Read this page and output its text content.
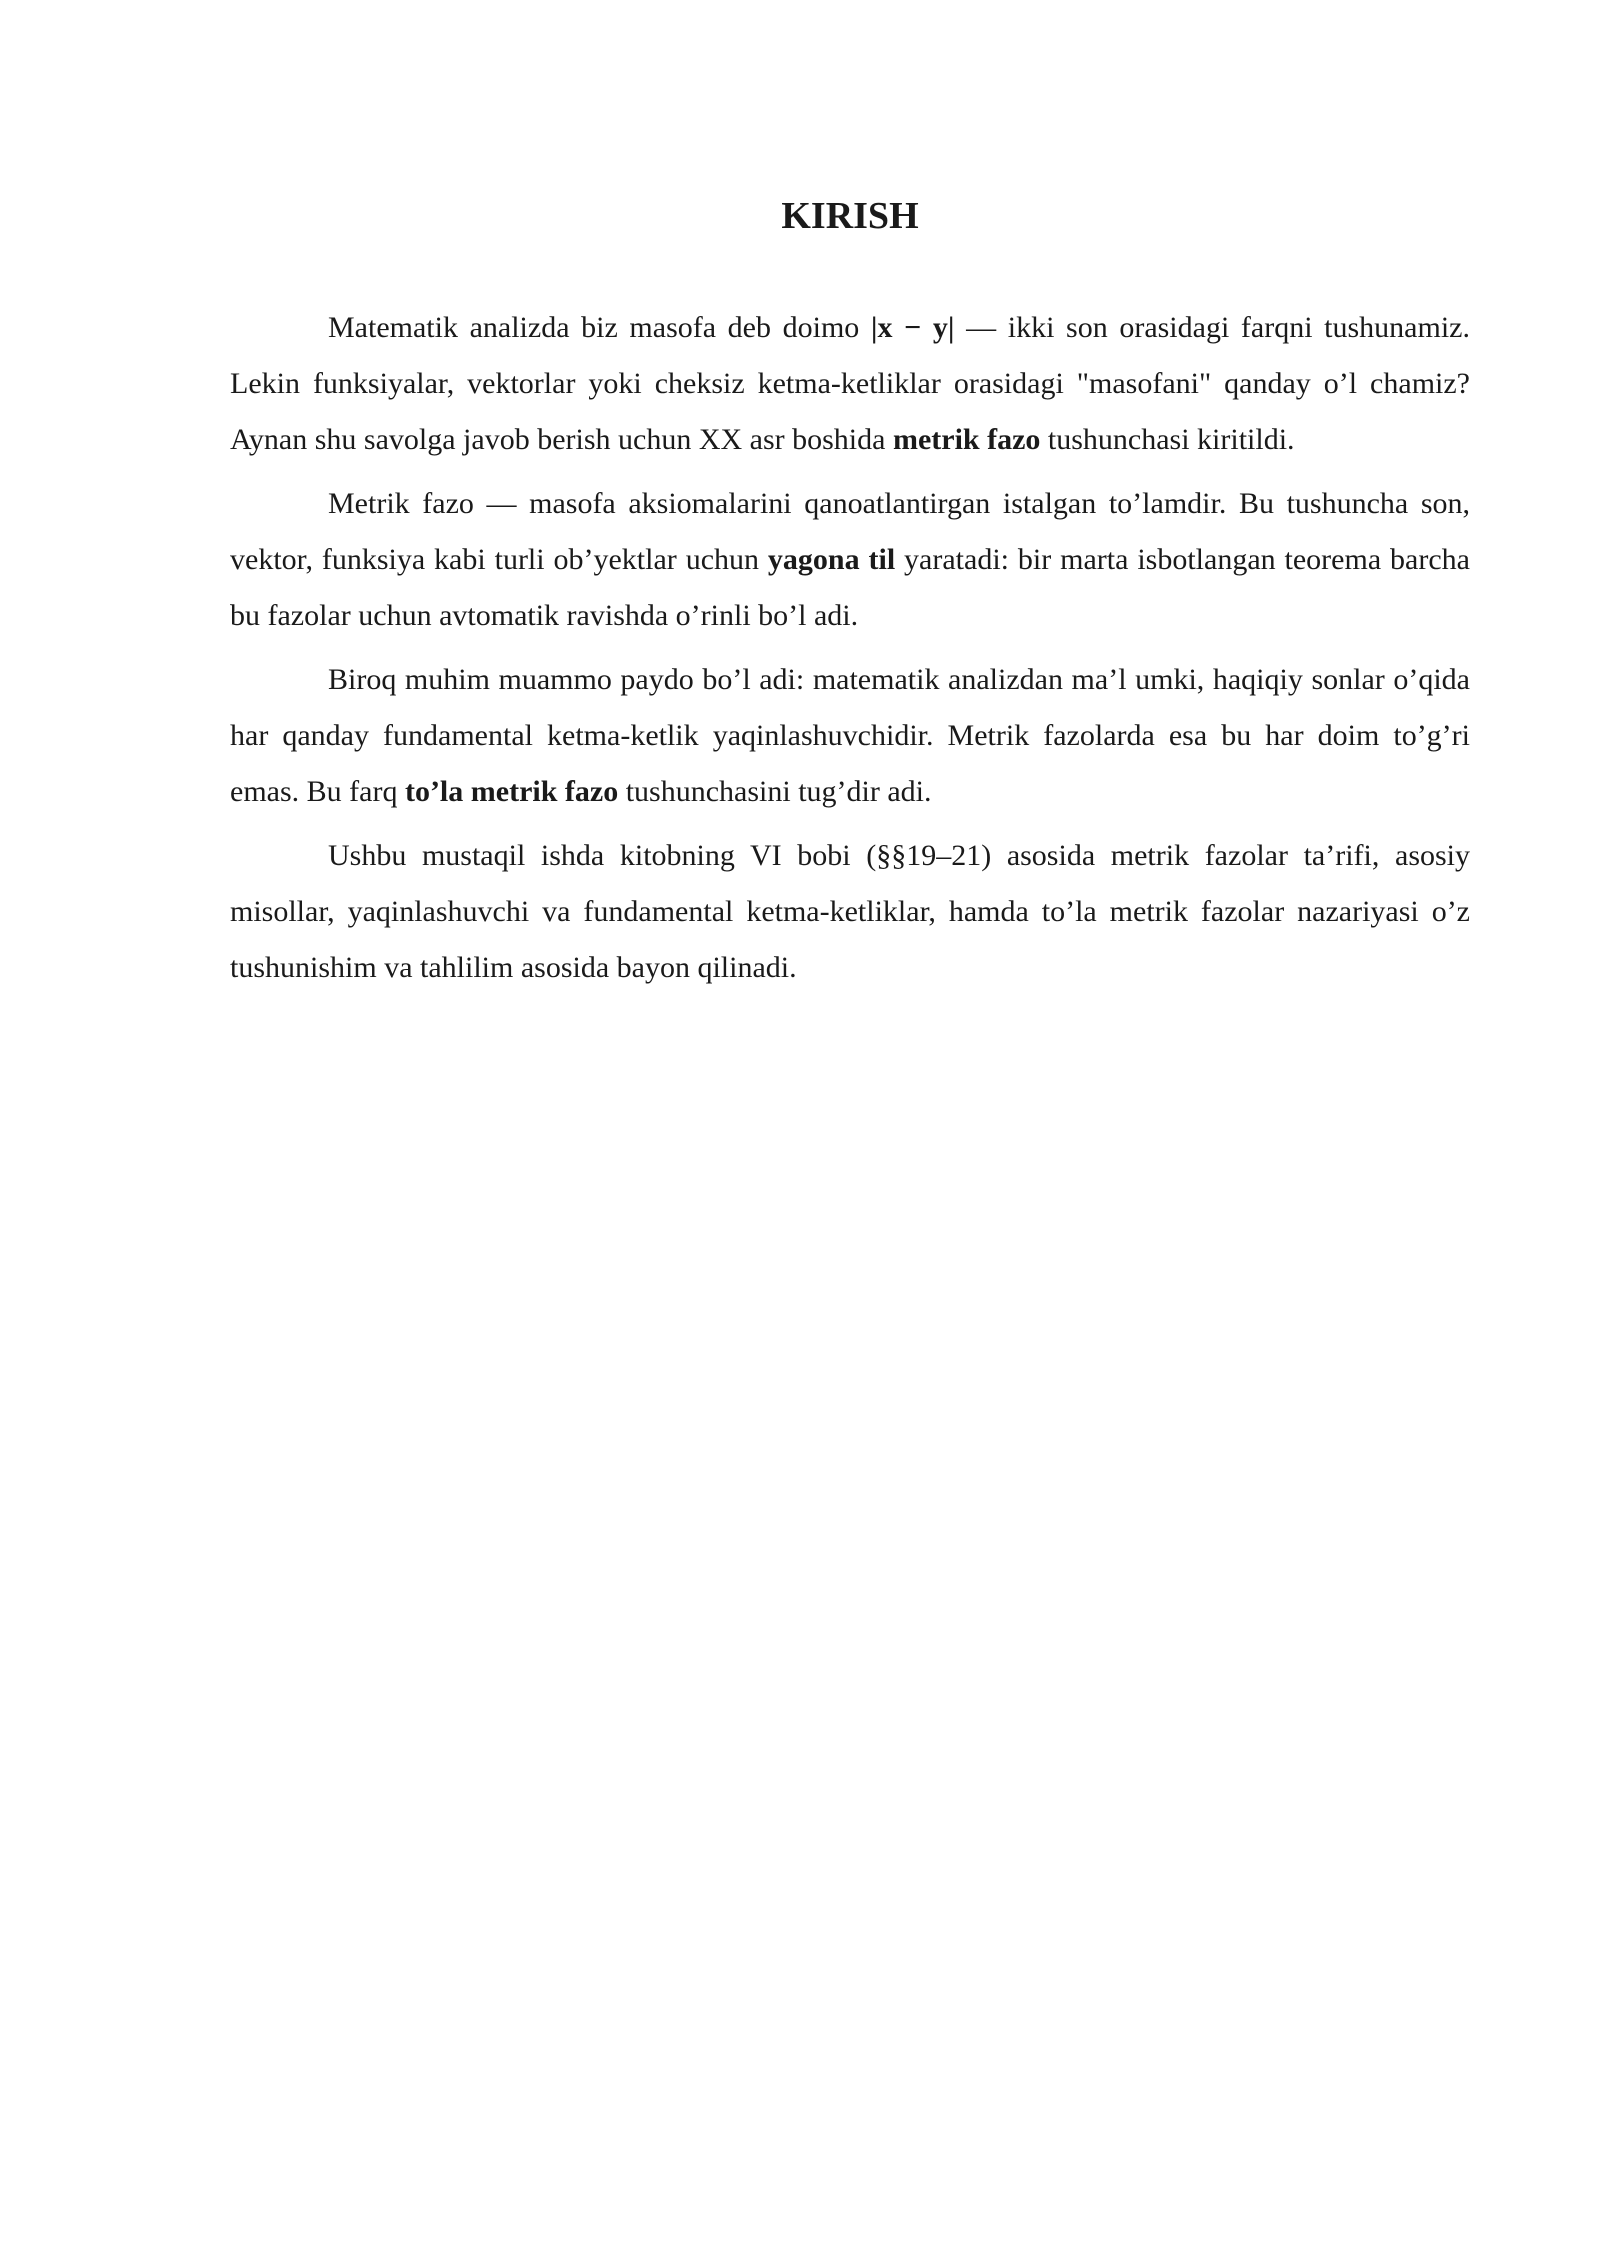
KIRISH

Matematik analizda biz masofa deb doimo |x − y| — ikki son orasidagi farqni tushunamiz. Lekin funksiyalar, vektorlar yoki cheksiz ketma-ketliklar orasidagi "masofani" qanday o’l chamiz? Aynan shu savolga javob berish uchun XX asr boshida metrik fazo tushunchasi kiritildi.

Metrik fazo — masofa aksiomalarini qanoatlantirgan istalgan to’lamdir. Bu tushuncha son, vektor, funksiya kabi turli ob’yektlar uchun yagona til yaratadi: bir marta isbotlangan teorema barcha bu fazolar uchun avtomatik ravishda o’rinli bo’l adi.

Biroq muhim muammo paydo bo’l adi: matematik analizdan ma’l umki, haqiqiy sonlar o’qida har qanday fundamental ketma-ketlik yaqinlashuvchidir. Metrik fazolarda esa bu har doim to’g’ri emas. Bu farq to’la metrik fazo tushunchasini tug’dir adi.

Ushbu mustaqil ishda kitobning VI bobi (§§19–21) asosida metrik fazolar ta’rifi, asosiy misollar, yaqinlashuvchi va fundamental ketma-ketliklar, hamda to’la metrik fazolar nazariyasi o’z tushunishim va tahlilim asosida bayon qilinadi.
